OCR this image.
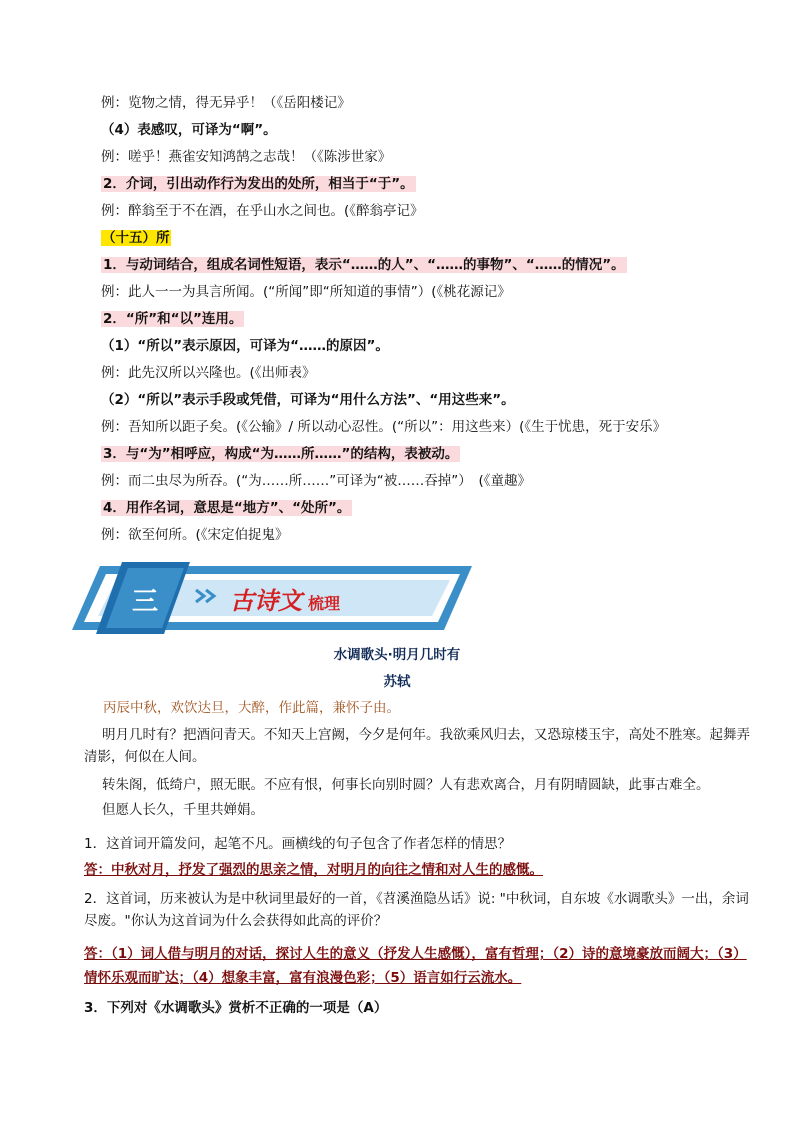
例：览物之情，得无异乎！（《岳阳楼记》
（4）表感叹，可译为“啊”。
例：嗟乎！燕雀安知鸿鹄之志哉！（《陈涉世家》
2．介词，引出动作行为发出的处所，相当于“于”。
例：醉翁至于不在酒，在乎山水之间也。(《醉翁亭记》
（十五）所
1．与动词结合，组成名词性短语，表示“……的人”、“……的事物”、“……的情况”。
例：此人一一为具言所闻。(“所闻”即“所知道的事情”）(《桃花源记》
2．“所”和“以”连用。
（1）“所以”表示原因，可译为“……的原因”。
例：此先汉所以兴隆也。(《出师表》
（2）“所以”表示手段或凭借，可译为“用什么方法”、“用这些来”。
例：吾知所以距子矣。(《公输》/ 所以动心忍性。(“所以”：用这些来）(《生于忧患，死于安乐》
3．与“为”相呼应，构成“为……所……”的结构，表被动。
例：而二虫尽为所吞。(“为……所……”可译为“被……吞掉”）　(《童趣》
4．用作名词，意思是“地方”、“处所”。
例：欲至何所。(《宋定伯捉鬼》
三	古诗文 梳理
水调歌头·明月几时有
苏轼
丙辰中秋，欢饮达旦，大醉，作此篇，兼怀子由。
明月几时有？把酒问青天。不知天上宫阙，今夕是何年。我欲乘风归去，又恐琼楼玉宇，高处不胜寒。起舞弄清影，何似在人间。
转朱阁，低绮户，照无眠。不应有恨，何事长向别时圆？人有悲欢离合，月有阴晴圆缺，此事古难全。
但愿人长久，千里共婵娟。
1．这首词开篇发问，起笔不凡。画横线的句子包含了作者怎样的情思？
答：中秋对月，抒发了强烈的思亲之情，对明月的向往之情和对人生的感慨。
2．这首词，历来被认为是中秋词里最好的一首，《苕溪渔隐丛话》说: "中秋词，自东坡《水调歌头》一出，余词尽废。"你认为这首词为什么会获得如此高的评价？
答：（1）词人借与明月的对话，探讨人生的意义（抒发人生感慨），富有哲理；（2）诗的意境豪放而阔大；（3）情怀乐观而旷达；（4）想象丰富，富有浪漫色彩；（5）语言如行云流水。
3．下列对《水调歌头》赏析不正确的一项是（A）
